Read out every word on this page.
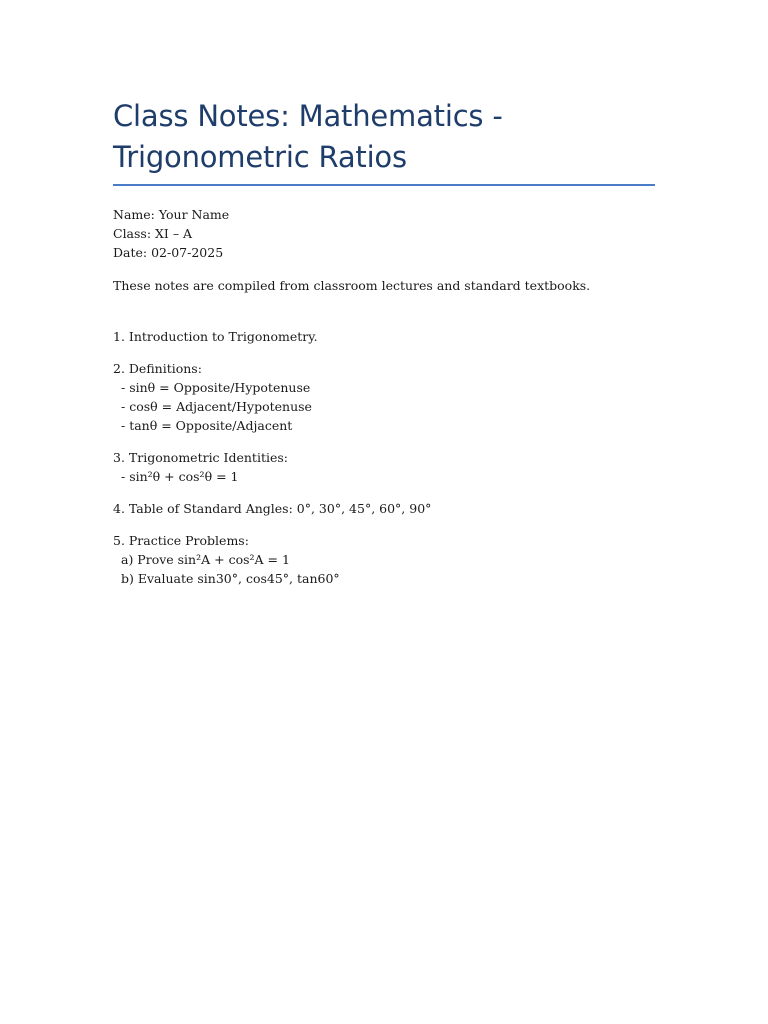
Class Notes: Mathematics -
Trigonometric Ratios
Name: Your Name
Class: XI – A
Date: 02-07-2025
These notes are compiled from classroom lectures and standard textbooks.
1. Introduction to Trigonometry.
2. Definitions:
- sinθ = Opposite/Hypotenuse
- cosθ = Adjacent/Hypotenuse
- tanθ = Opposite/Adjacent
3. Trigonometric Identities:
- sin²θ + cos²θ = 1
4. Table of Standard Angles: 0°, 30°, 45°, 60°, 90°
5. Practice Problems:
a) Prove sin²A + cos²A = 1
b) Evaluate sin30°, cos45°, tan60°
